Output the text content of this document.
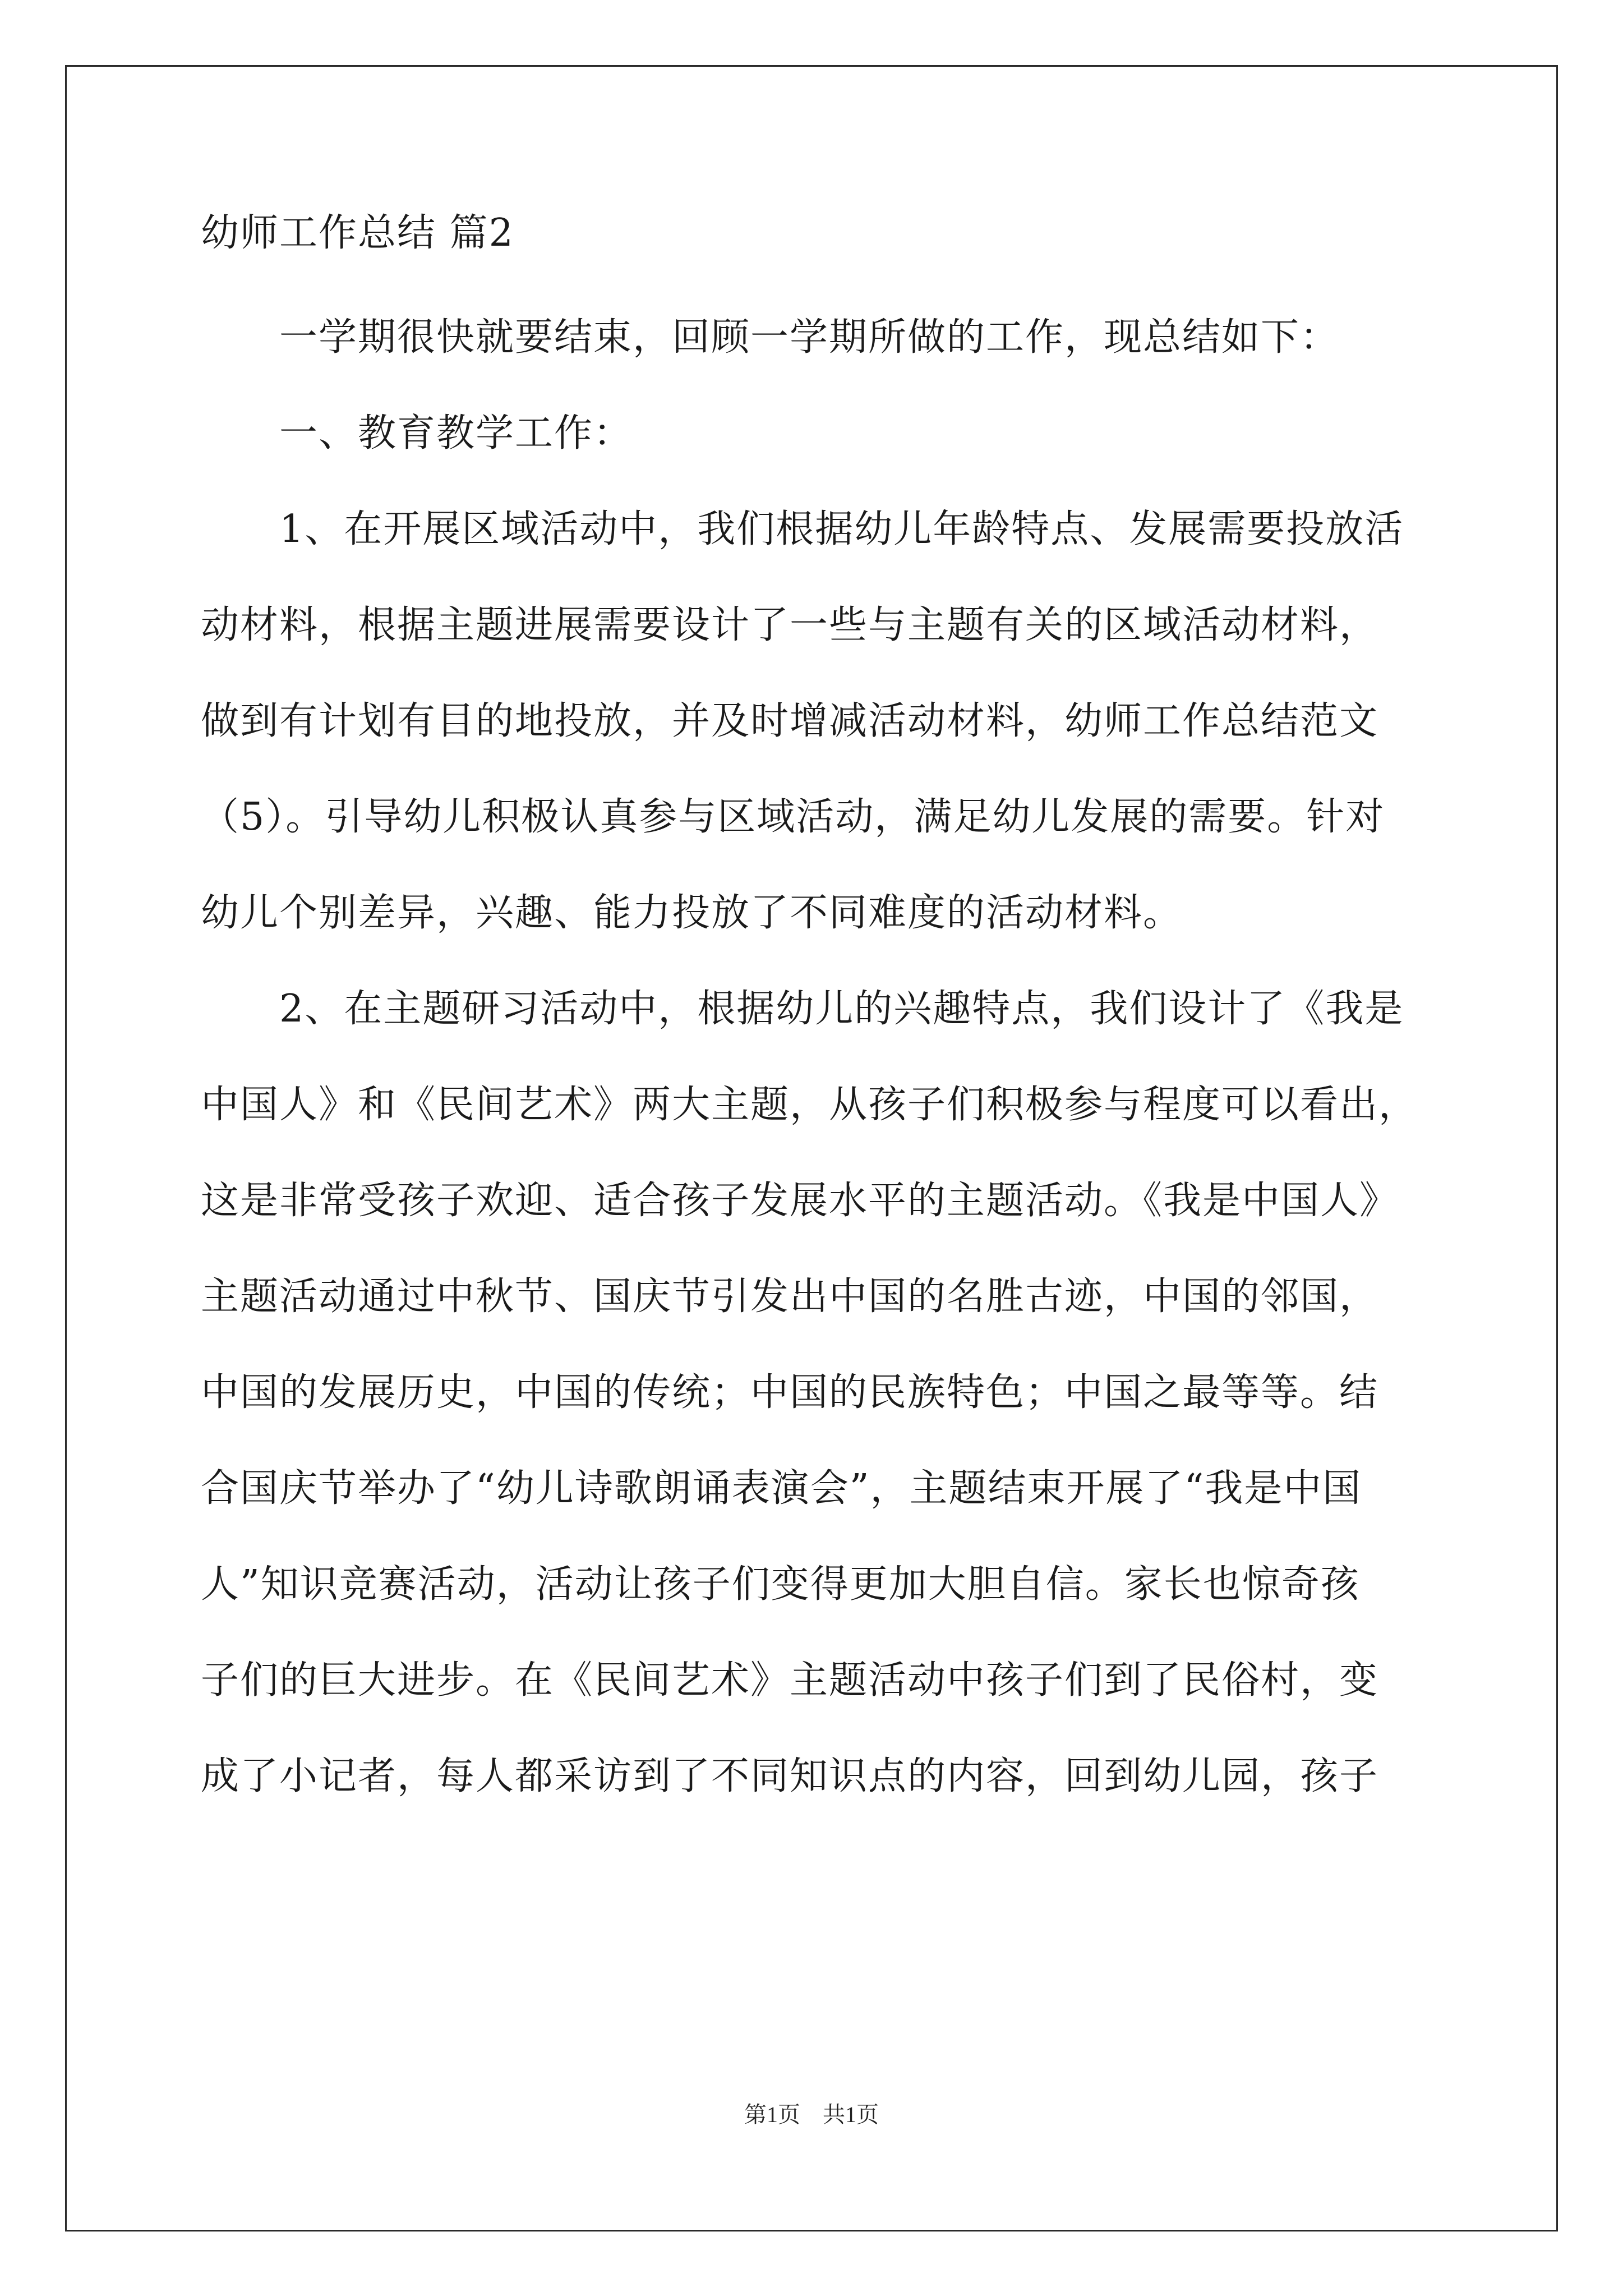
幼师工作总结 篇2

一学期很快就要结束，回顾一学期所做的工作，现总结如下：

一、教育教学工作：

1、在开展区域活动中，我们根据幼儿年龄特点、发展需要投放活
动材料，根据主题进展需要设计了一些与主题有关的区域活动材料，
做到有计划有目的地投放，并及时增减活动材料，幼师工作总结范文
（5）。引导幼儿积极认真参与区域活动，满足幼儿发展的需要。针对
幼儿个别差异，兴趣、能力投放了不同难度的活动材料。

2、在主题研习活动中，根据幼儿的兴趣特点，我们设计了《我是
中国人》和《民间艺术》两大主题，从孩子们积极参与程度可以看出，
这是非常受孩子欢迎、适合孩子发展水平的主题活动。《我是中国人》
主题活动通过中秋节、国庆节引发出中国的名胜古迹，中国的邻国，
中国的发展历史，中国的传统；中国的民族特色；中国之最等等。结
合国庆节举办了“幼儿诗歌朗诵表演会”，主题结束开展了“我是中国
人”知识竞赛活动，活动让孩子们变得更加大胆自信。家长也惊奇孩
子们的巨大进步。在《民间艺术》主题活动中孩子们到了民俗村，变
成了小记者，每人都采访到了不同知识点的内容，回到幼儿园，孩子

第1页　共1页
